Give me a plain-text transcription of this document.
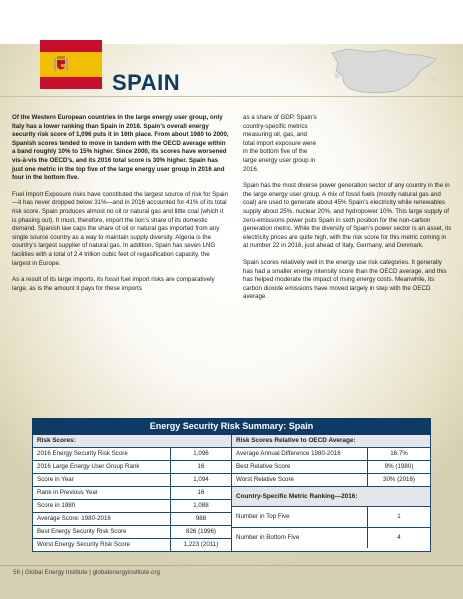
SPAIN

Of the Western European countries in the large energy user group, only Italy has a lower ranking than Spain in 2016. Spain’s overall energy security risk score of 1,096 puts it in 16th place. From about 1980 to 2000, Spanish scores tended to move in tandem with the OECD average within a band roughly 10% to 15% higher. Since 2000, its scores have worsened vis-à-vis the OECD’s, and its 2016 total score is 30% higher. Spain has just one metric in the top five of the large energy user group in 2016 and four in the bottom five.

Fuel Import Exposure risks have constituted the largest source of risk for Spain—it has never dropped below 31%—and in 2016 accounted for 41% of its total risk score. Spain produces almost no oil or natural gas and little coal (which it is phasing out). It must, therefore, import the lion’s share of its domestic demand. Spanish law caps the share of oil or natural gas imported from any single source country as a way to maintain supply diversity. Algeria is the country’s largest supplier of natural gas. In addition, Spain has seven LNG facilities with a total of 2.4 trillion cubic feet of regasification capacity, the largest in Europe.

As a result of its large imports, its fossil fuel import risks are comparatively large, as is the amount it pays for these imports

as a share of GDP. Spain’s country-specific metrics measuring oil, gas, and total import exposure were in the bottom five of the large energy user group in 2016.

Spain has the most diverse power generation sector of any country in the in the large energy user group. A mix of fossil fuels (mostly natural gas and coal) are used to generate about 45% Spain’s electricity while renewables supply about 25%, nuclear 20%, and hydropower 10%. This large supply of zero-emissions power puts Spain in sixth position for the non-carbon generation metric. While the diversity of Spain’s power sector is an asset, its electricity prices are quite high, with the risk score for this metric coming in at number 22 in 2016, just ahead of Italy, Germany, and Denmark.

Spain scores relatively well in the energy use risk categories. It generally has had a smaller energy intensity score than the OECD average, and this has helped moderate the impact of rising energy costs. Meanwhile, its carbon dioxide emissions have moved largely in step with the OECD average.

Energy Security Risk Summary: Spain
Risk Scores:
2016 Energy Security Risk Score	1,096
2016 Large Energy User Group Rank	16
Score in Year	1,094
Rank in Previous Year	16
Score in 1980	1,088
Average Score: 1980-2016	988
Best Energy Security Risk Score	826 (1996)
Worst Energy Security Risk Score	1,223 (2011)
Risk Scores Relative to OECD Average:
Average Annual Difference 1980-2016	16.7%
Best Relative Score	9% (1980)
Worst Relative Score	30% (2016)
Country-Specific Metric Ranking—2016:
Number in Top Five	1
Number in Bottom Five	4
56 | Global Energy Institute | globalenergyinstitute.org
